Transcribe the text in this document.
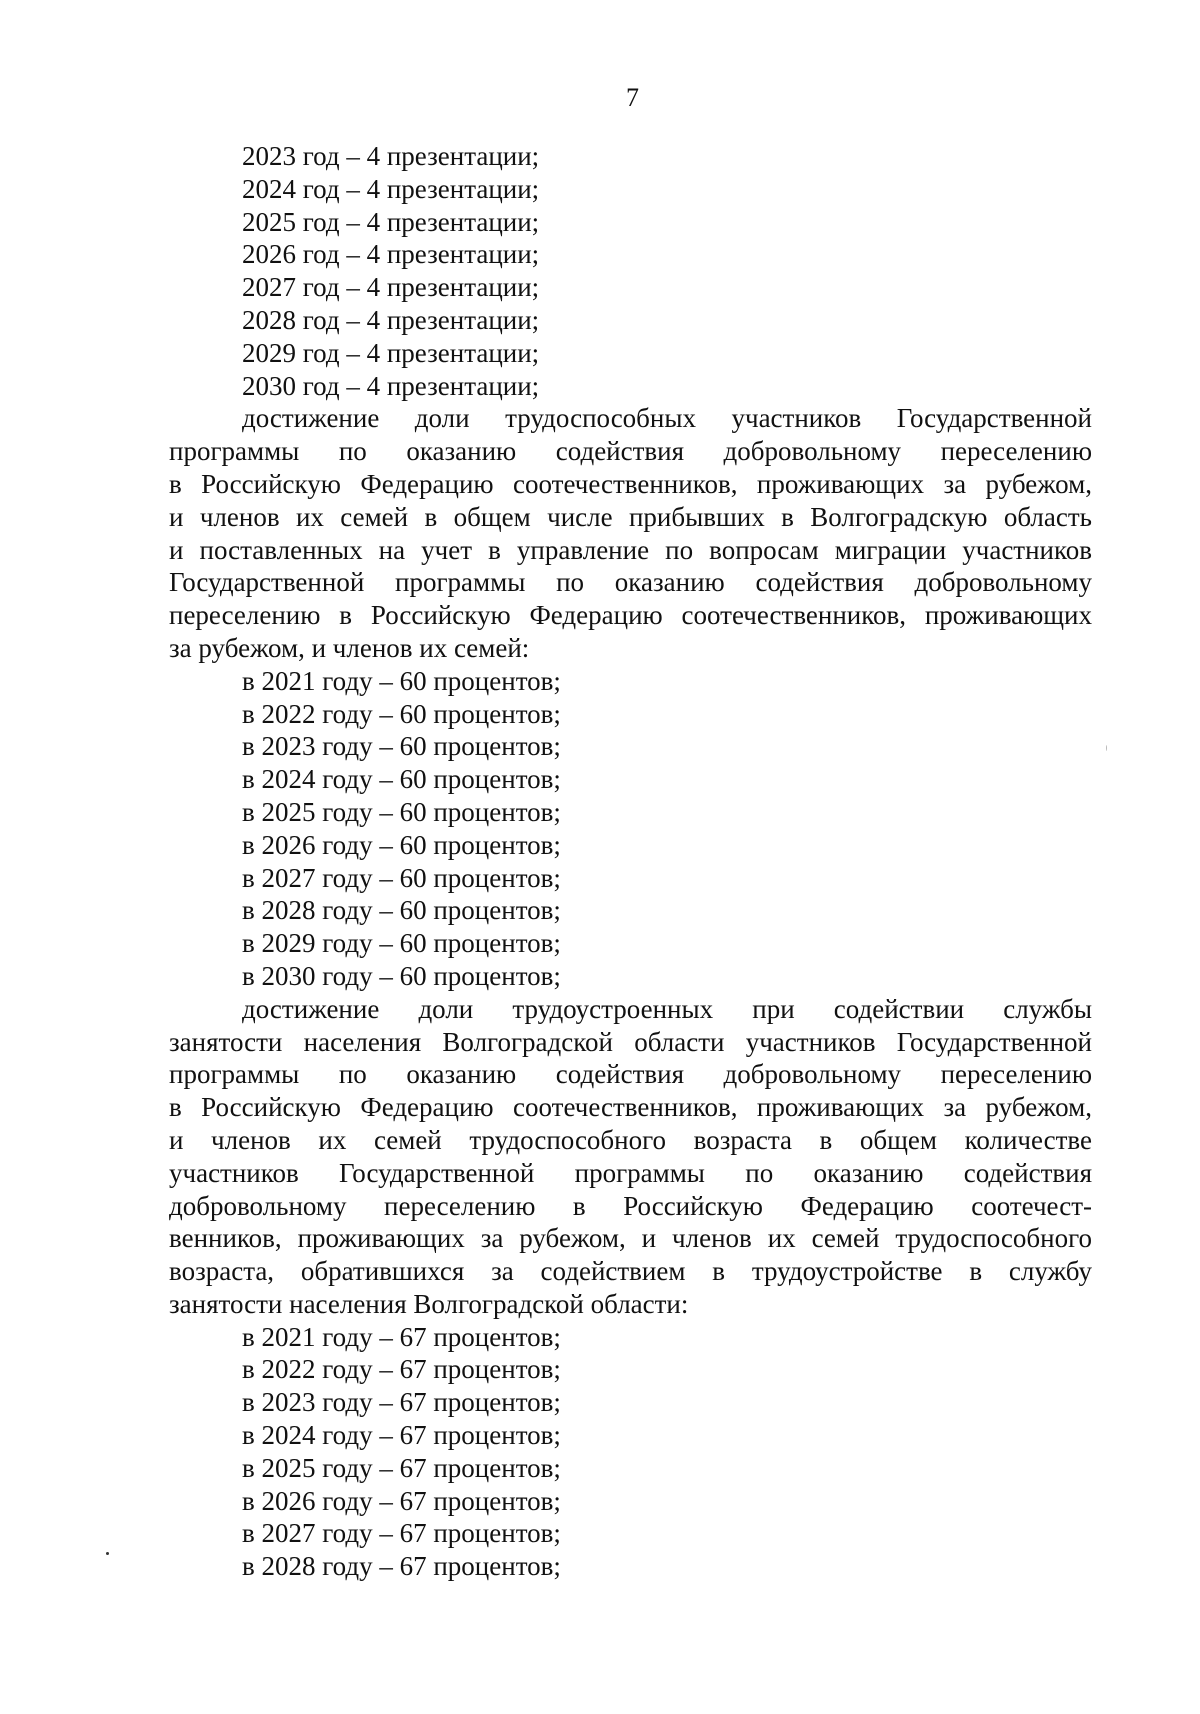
7
2023 год – 4 презентации;
2024 год – 4 презентации;
2025 год – 4 презентации;
2026 год – 4 презентации;
2027 год – 4 презентации;
2028 год – 4 презентации;
2029 год – 4 презентации;
2030 год – 4 презентации;
достижение доли трудоспособных участников Государственной
программы по оказанию содействия добровольному переселению
в Российскую Федерацию соотечественников, проживающих за рубежом,
и членов их семей в общем числе прибывших в Волгоградскую область
и поставленных на учет в управление по вопросам миграции участников
Государственной программы по оказанию содействия добровольному
переселению в Российскую Федерацию соотечественников, проживающих
за рубежом, и членов их семей:
в 2021 году – 60 процентов;
в 2022 году – 60 процентов;
в 2023 году – 60 процентов;
в 2024 году – 60 процентов;
в 2025 году – 60 процентов;
в 2026 году – 60 процентов;
в 2027 году – 60 процентов;
в 2028 году – 60 процентов;
в 2029 году – 60 процентов;
в 2030 году – 60 процентов;
достижение доли трудоустроенных при содействии службы
занятости населения Волгоградской области участников Государственной
программы по оказанию содействия добровольному переселению
в Российскую Федерацию соотечественников, проживающих за рубежом,
и членов их семей трудоспособного возраста в общем количестве
участников Государственной программы по оказанию содействия
добровольному переселению в Российскую Федерацию соотечест-
венников, проживающих за рубежом, и членов их семей трудоспособного
возраста, обратившихся за содействием в трудоустройстве в службу
занятости населения Волгоградской области:
в 2021 году – 67 процентов;
в 2022 году – 67 процентов;
в 2023 году – 67 процентов;
в 2024 году – 67 процентов;
в 2025 году – 67 процентов;
в 2026 году – 67 процентов;
в 2027 году – 67 процентов;
в 2028 году – 67 процентов;
